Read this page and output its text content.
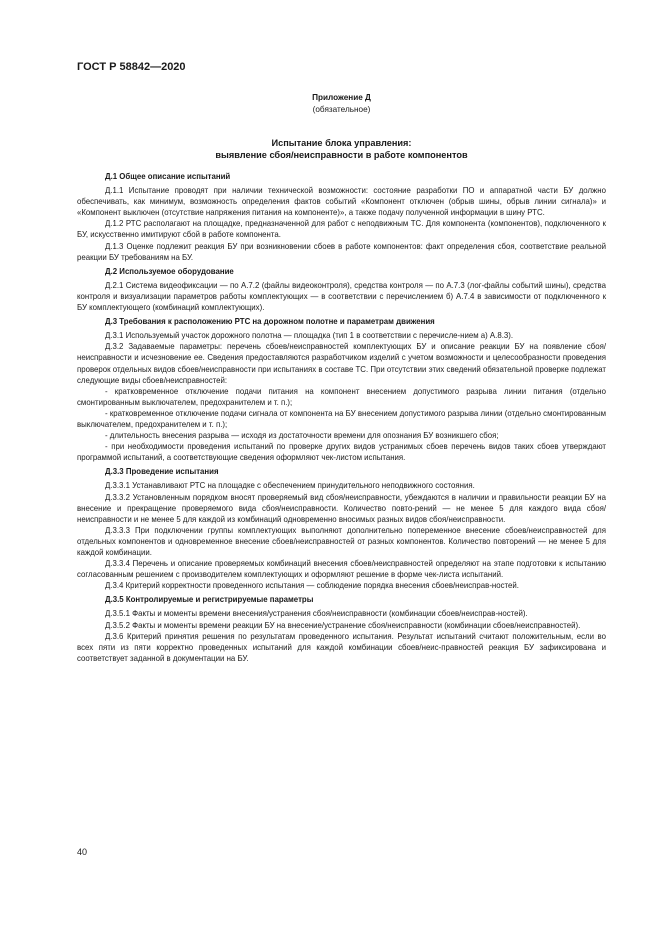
ГОСТ Р 58842—2020
Приложение Д
(обязательное)
Испытание блока управления:
выявление сбоя/неисправности в работе компонентов
Д.1 Общее описание испытаний

Д.1.1 Испытание проводят при наличии технической возможности: состояние разработки ПО и аппаратной части БУ должно обеспечивать, как минимум, возможность определения фактов событий «Компонент отключен (обрыв шины, обрыв линии сигнала)» и «Компонент выключен (отсутствие напряжения питания на компоненте)», а также подачу полученной информации в шину РТС.

Д.1.2 РТС располагают на площадке, предназначенной для работ с неподвижным ТС. Для компонента (компонентов), подключенного к БУ, искусственно имитируют сбой в работе компонента.

Д.1.3 Оценке подлежит реакция БУ при возникновении сбоев в работе компонентов: факт определения сбоя, соответствие реальной реакции БУ требованиям на БУ.

Д.2 Используемое оборудование

Д.2.1 Система видеофиксации — по А.7.2 (файлы видеоконтроля), средства контроля — по А.7.3 (лог-файлы событий шины), средства контроля и визуализации параметров работы комплектующих — в соответствии с перечислением б) А.7.4 в зависимости от подключенного к БУ комплектующего (комбинаций комплектующих).

Д.3 Требования к расположению РТС на дорожном полотне и параметрам движения

Д.3.1 Используемый участок дорожного полотна — площадка (тип 1 в соответствии с перечисле-нием а) А.8.3).

Д.3.2 Задаваемые параметры: перечень сбоев/неисправностей комплектующих БУ и описание реакции БУ на появление сбоя/неисправности и исчезновение ее. Сведения предоставляются разработчиком изделий с учетом возможности и целесообразности проведения проверок отдельных видов сбоев/неисправности при испытаниях в составе ТС. При отсутствии этих сведений обязательной проверке подлежат следующие виды сбоев/неисправностей:

- кратковременное отключение подачи питания на компонент внесением допустимого разрыва линии питания (отдельно смонтированным выключателем, предохранителем и т. п.);

- кратковременное отключение подачи сигнала от компонента на БУ внесением допустимого разрыва линии (отдельно смонтированным выключателем, предохранителем и т. п.);

- длительность внесения разрыва — исходя из достаточности времени для опознания БУ возникшего сбоя;

- при необходимости проведения испытаний по проверке других видов устранимых сбоев перечень видов таких сбоев утверждают программой испытаний, а соответствующие сведения оформляют чек-листом испытания.

Д.3.3 Проведение испытания

Д.3.3.1 Устанавливают РТС на площадке с обеспечением принудительного неподвижного состояния.

Д.3.3.2 Установленным порядком вносят проверяемый вид сбоя/неисправности, убеждаются в наличии и правильности реакции БУ на внесение и прекращение проверяемого вида сбоя/неисправности. Количество повто-рений — не менее 5 для каждого вида сбоя/неисправности и не менее 5 для каждой из комбинаций одновременно вносимых разных видов сбоя/неисправности.

Д.3.3.3 При подключении группы комплектующих выполняют дополнительно попеременное внесение сбоев/неисправностей для отдельных компонентов и одновременное внесение сбоев/неисправностей от разных компонентов. Количество повторений — не менее 5 для каждой комбинации.

Д.3.3.4 Перечень и описание проверяемых комбинаций внесения сбоев/неисправностей определяют на этапе подготовки к испытанию согласованным решением с производителем комплектующих и оформляют решение в форме чек-листа испытаний.

Д.3.4 Критерий корректности проведенного испытания — соблюдение порядка внесения сбоев/неисправ-ностей.

Д.3.5 Контролируемые и регистрируемые параметры

Д.3.5.1 Факты и моменты времени внесения/устранения сбоя/неисправности (комбинации сбоев/неисправ-ностей).

Д.3.5.2 Факты и моменты времени реакции БУ на внесение/устранение сбоя/неисправности (комбинации сбоев/неисправностей).

Д.3.6 Критерий принятия решения по результатам проведенного испытания. Результат испытаний считают положительным, если во всех пяти из пяти корректно проведенных испытаний для каждой комбинации сбоев/неис-правностей реакция БУ зафиксирована и соответствует заданной в документации на БУ.

40
